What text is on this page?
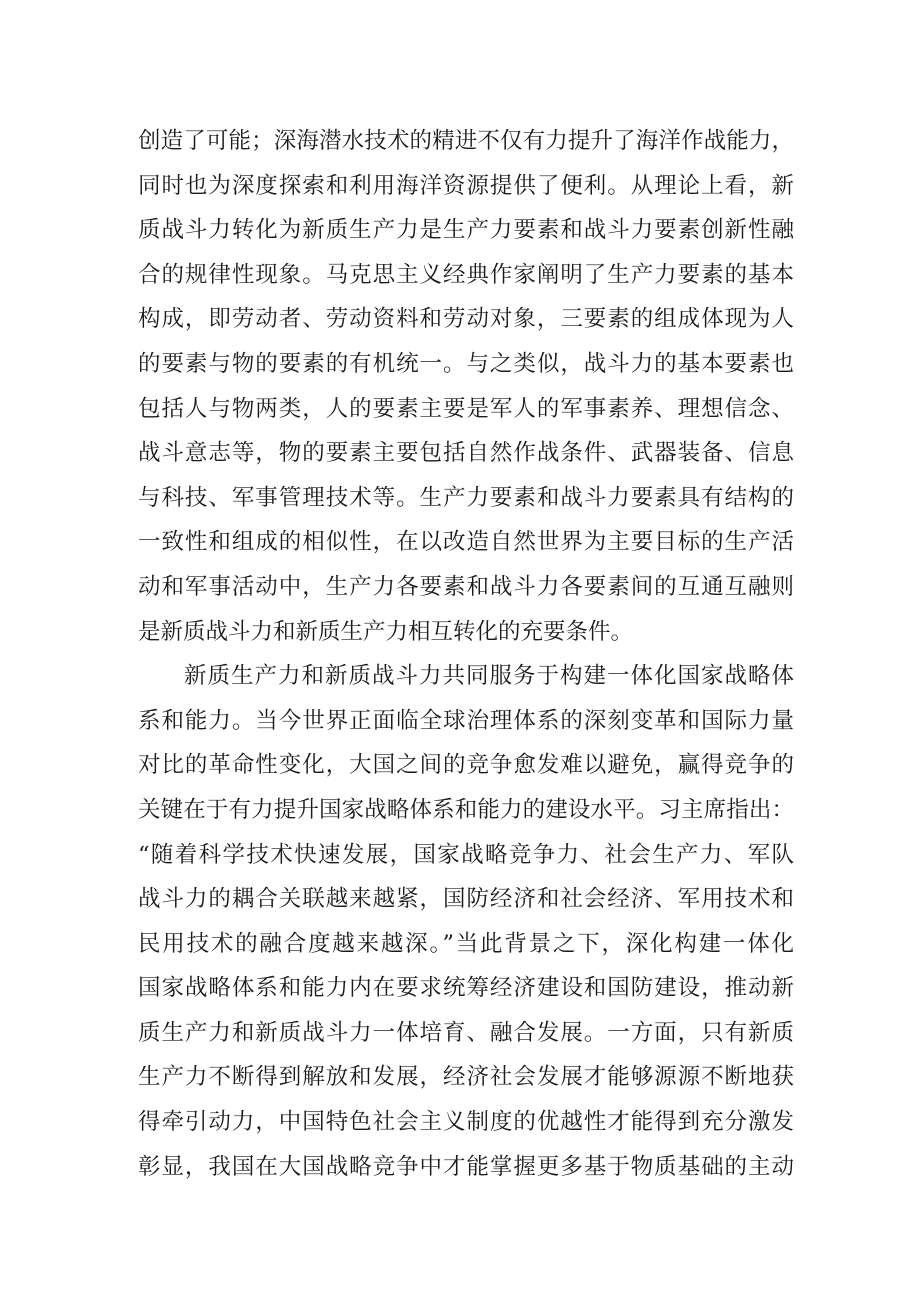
创造了可能；深海潜水技术的精进不仅有力提升了海洋作战能力，
同时也为深度探索和利用海洋资源提供了便利。从理论上看，新
质战斗力转化为新质生产力是生产力要素和战斗力要素创新性融
合的规律性现象。马克思主义经典作家阐明了生产力要素的基本
构成，即劳动者、劳动资料和劳动对象，三要素的组成体现为人
的要素与物的要素的有机统一。与之类似，战斗力的基本要素也
包括人与物两类，人的要素主要是军人的军事素养、理想信念、
战斗意志等，物的要素主要包括自然作战条件、武器装备、信息
与科技、军事管理技术等。生产力要素和战斗力要素具有结构的
一致性和组成的相似性，在以改造自然世界为主要目标的生产活
动和军事活动中，生产力各要素和战斗力各要素间的互通互融则
是新质战斗力和新质生产力相互转化的充要条件。
新质生产力和新质战斗力共同服务于构建一体化国家战略体
系和能力。当今世界正面临全球治理体系的深刻变革和国际力量
对比的革命性变化，大国之间的竞争愈发难以避免，赢得竞争的
关键在于有力提升国家战略体系和能力的建设水平。习主席指出：
“随着科学技术快速发展，国家战略竞争力、社会生产力、军队
战斗力的耦合关联越来越紧，国防经济和社会经济、军用技术和
民用技术的融合度越来越深。”当此背景之下，深化构建一体化
国家战略体系和能力内在要求统筹经济建设和国防建设，推动新
质生产力和新质战斗力一体培育、融合发展。一方面，只有新质
生产力不断得到解放和发展，经济社会发展才能够源源不断地获
得牵引动力，中国特色社会主义制度的优越性才能得到充分激发
彰显，我国在大国战略竞争中才能掌握更多基于物质基础的主动
